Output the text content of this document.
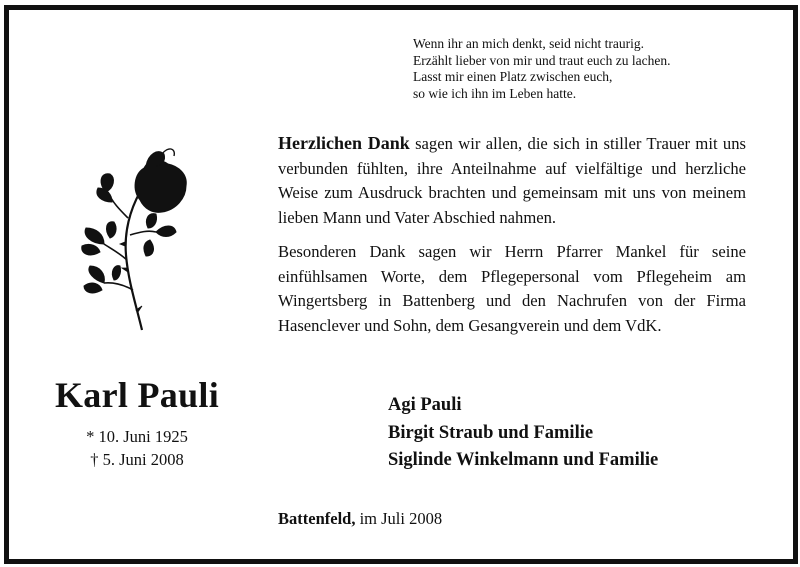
Wenn ihr an mich denkt, seid nicht traurig.
Erzählt lieber von mir und traut euch zu lachen.
Lasst mir einen Platz zwischen euch,
so wie ich ihn im Leben hatte.

Herzlichen Dank sagen wir allen, die sich in stiller Trauer mit uns verbunden fühlten, ihre Anteilnahme auf vielfältige und herzliche Weise zum Ausdruck brachten und gemeinsam mit uns von meinem lieben Mann und Vater Abschied nahmen.

Besonderen Dank sagen wir Herrn Pfarrer Mankel für seine einfühlsamen Worte, dem Pflegepersonal vom Pflegeheim am Wingertsberg in Battenberg und den Nachrufen von der Firma Hasenclever und Sohn, dem Gesangverein und dem VdK.

Karl Pauli
* 10. Juni 1925
† 5. Juni 2008
Agi Pauli
Birgit Straub und Familie
Siglinde Winkelmann und Familie
Battenfeld, im Juli 2008
